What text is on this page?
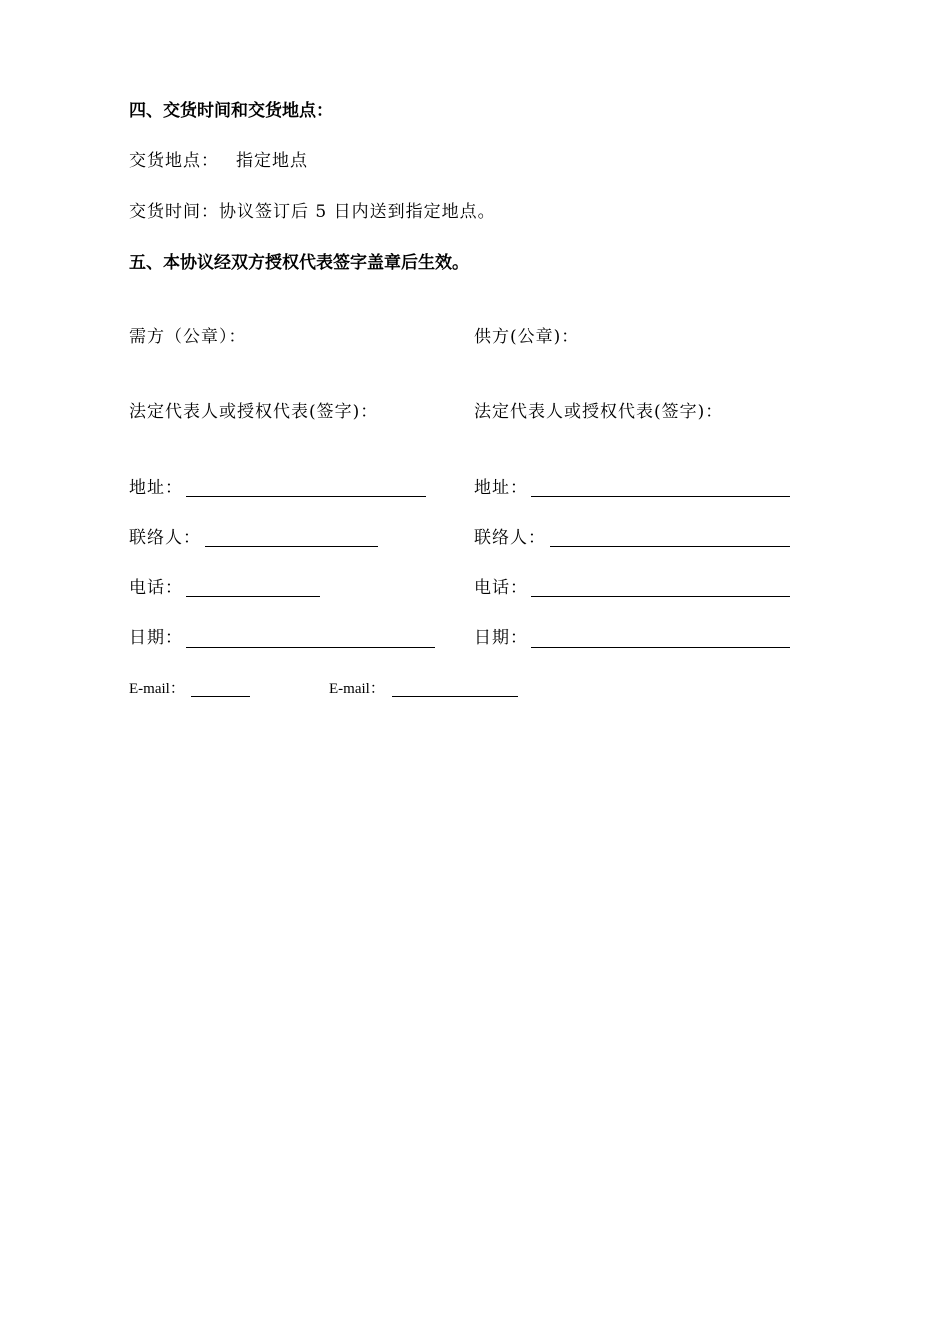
四、交货时间和交货地点：
交货地点： 指定地点
交货时间：协议签订后 5 日内送到指定地点。
五、本协议经双方授权代表签字盖章后生效。
需方（公章）：
法定代表人或授权代表(签字)：
地址：
联络人：
电话：
日期：
E-mail：
供方(公章)：
法定代表人或授权代表(签字)：
地址：
联络人：
电话：
日期：
E-mail：
